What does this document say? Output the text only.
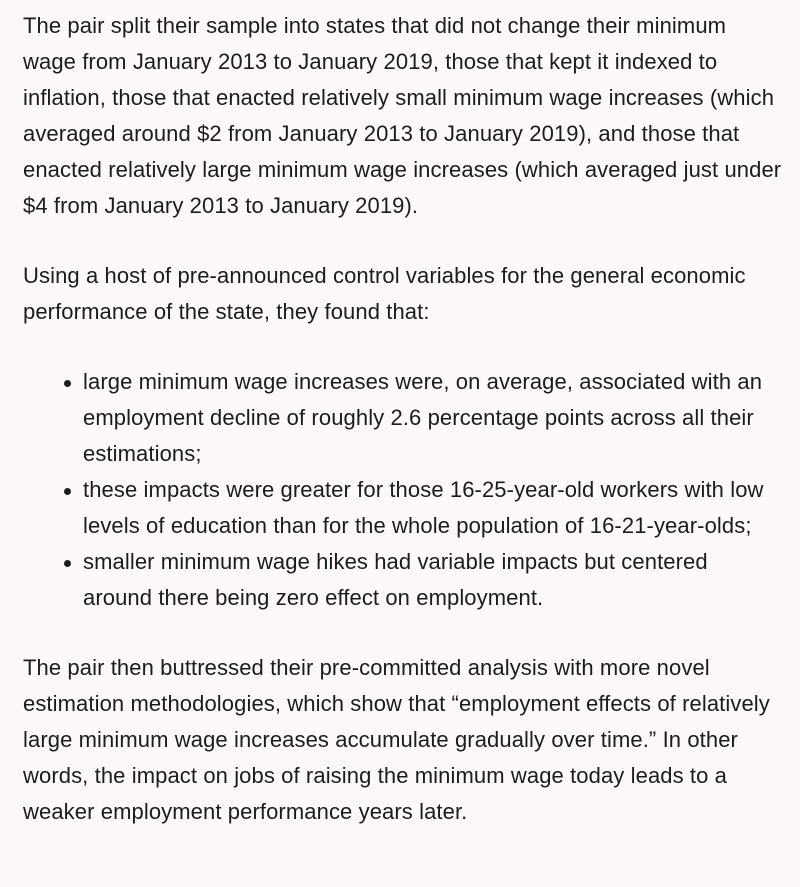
The pair split their sample into states that did not change their minimum wage from January 2013 to January 2019, those that kept it indexed to inflation, those that enacted relatively small minimum wage increases (which averaged around $2 from January 2013 to January 2019), and those that enacted relatively large minimum wage increases (which averaged just under $4 from January 2013 to January 2019).

Using a host of pre-announced control variables for the general economic performance of the state, they found that:

large minimum wage increases were, on average, associated with an employment decline of roughly 2.6 percentage points across all their estimations;
these impacts were greater for those 16-25-year-old workers with low levels of education than for the whole population of 16-21-year-olds;
smaller minimum wage hikes had variable impacts but centered around there being zero effect on employment.

The pair then buttressed their pre-committed analysis with more novel estimation methodologies, which show that “employment effects of relatively large minimum wage increases accumulate gradually over time.” In other words, the impact on jobs of raising the minimum wage today leads to a weaker employment performance years later.
